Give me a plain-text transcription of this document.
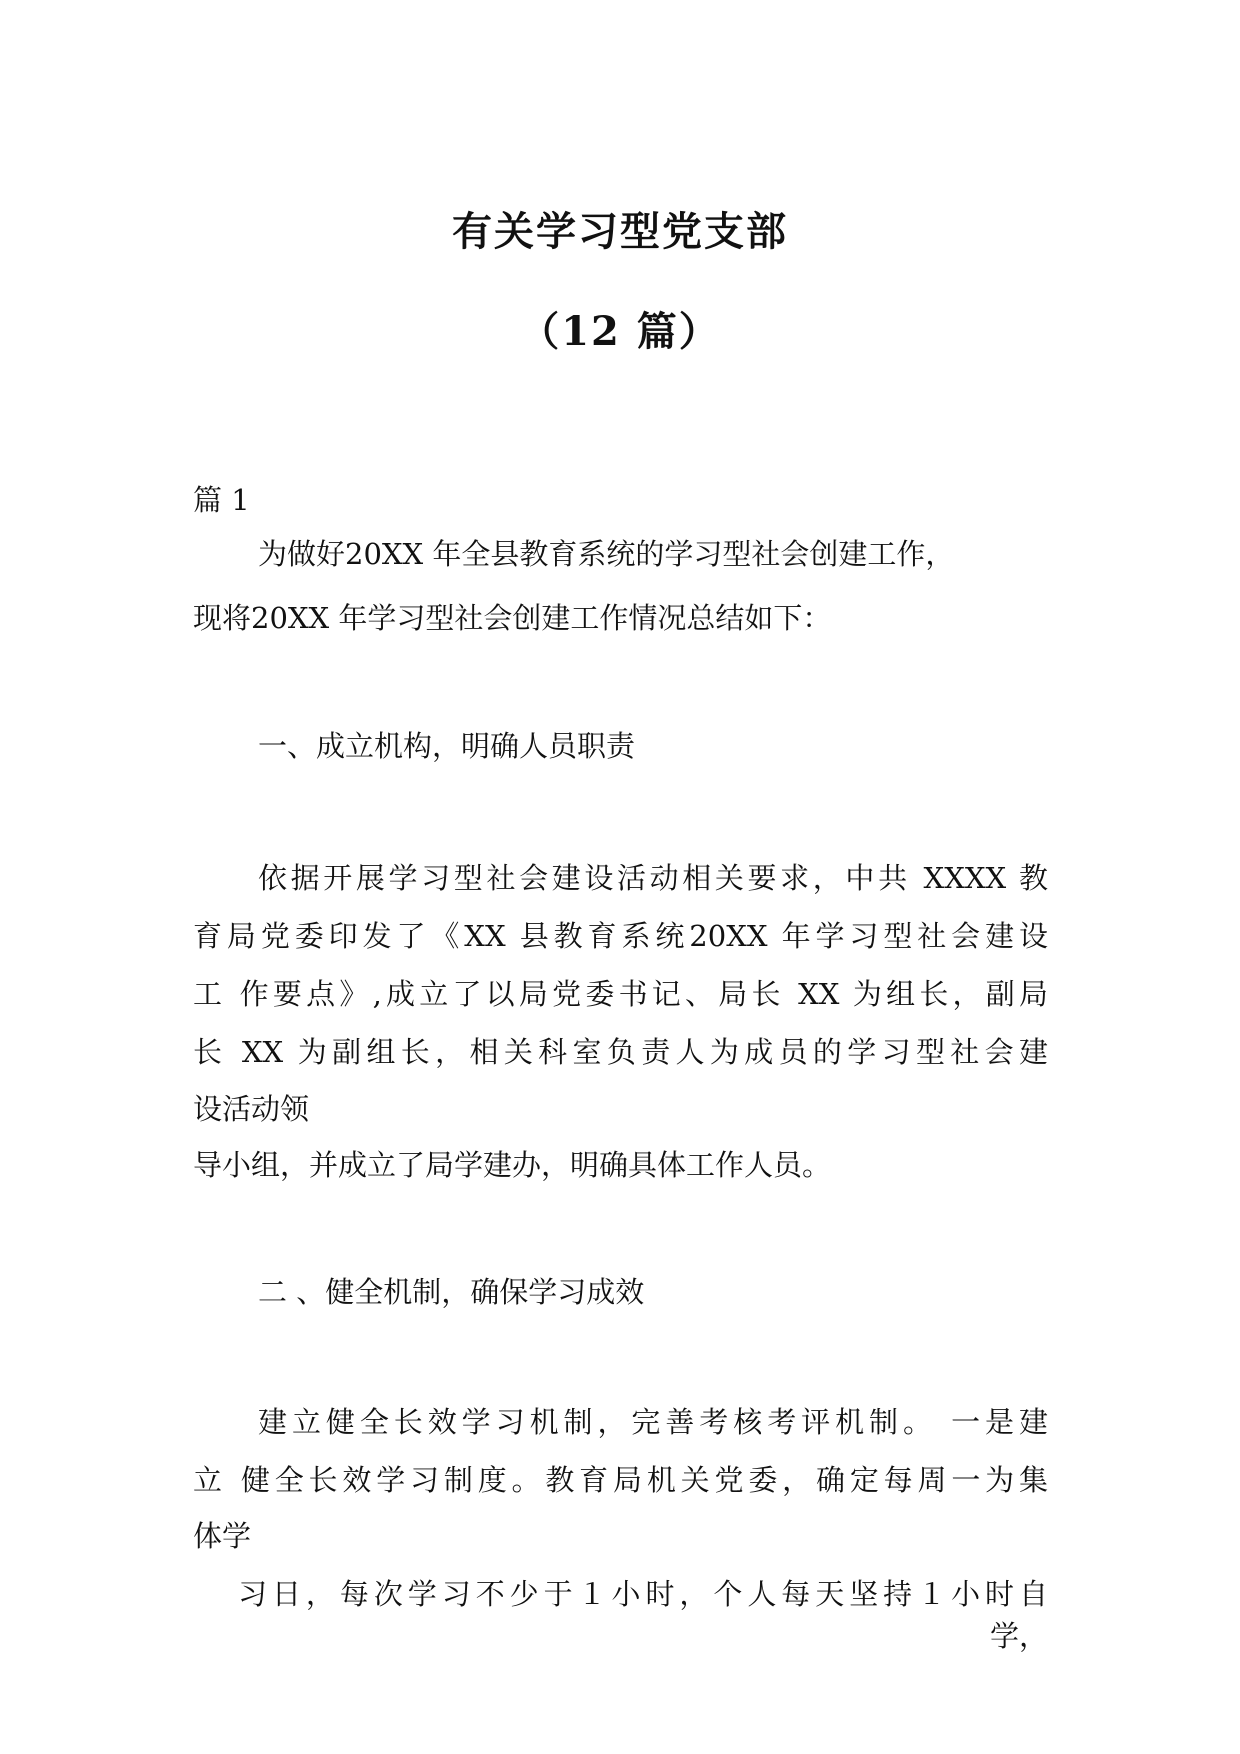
有关学习型党支部
（12 篇）
篇 1
为做好20XX 年全县教育系统的学习型社会创建工作，
现将20XX 年学习型社会创建工作情况总结如下：
一、成立机构，明确人员职责
依据开展学习型社会建设活动相关要求，中共 XXXX 教
育局党委印发了《XX 县教育系统20XX 年学习型社会建设
工 作要点》,成立了以局党委书记、局长 XX 为组长，副局
长 XX 为副组长，相关科室负责人为成员的学习型社会建
设活动领
导小组，并成立了局学建办，明确具体工作人员。
二 、健全机制，确保学习成效
建立健全长效学习机制，完善考核考评机制。 一是建
立 健全长效学习制度。教育局机关党委，确定每周一为集
体学
习日，每次学习不少于１小时，个人每天坚持１小时自
学，
